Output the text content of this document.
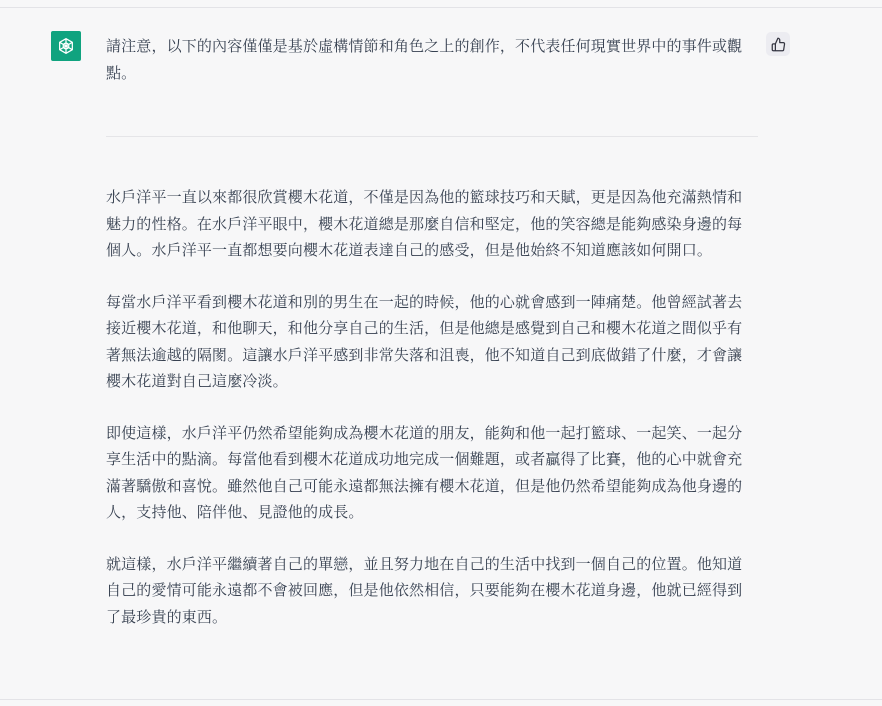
請注意，以下的內容僅僅是基於虛構情節和角色之上的創作，不代表任何現實世界中的事件或觀點。

水戶洋平一直以來都很欣賞櫻木花道，不僅是因為他的籃球技巧和天賦，更是因為他充滿熱情和魅力的性格。在水戶洋平眼中，櫻木花道總是那麼自信和堅定，他的笑容總是能夠感染身邊的每個人。水戶洋平一直都想要向櫻木花道表達自己的感受，但是他始終不知道應該如何開口。

每當水戶洋平看到櫻木花道和別的男生在一起的時候，他的心就會感到一陣痛楚。他曾經試著去接近櫻木花道，和他聊天，和他分享自己的生活，但是他總是感覺到自己和櫻木花道之間似乎有著無法逾越的隔閡。這讓水戶洋平感到非常失落和沮喪，他不知道自己到底做錯了什麼，才會讓櫻木花道對自己這麼冷淡。

即使這樣，水戶洋平仍然希望能夠成為櫻木花道的朋友，能夠和他一起打籃球、一起笑、一起分享生活中的點滴。每當他看到櫻木花道成功地完成一個難題，或者贏得了比賽，他的心中就會充滿著驕傲和喜悅。雖然他自己可能永遠都無法擁有櫻木花道，但是他仍然希望能夠成為他身邊的人，支持他、陪伴他、見證他的成長。

就這樣，水戶洋平繼續著自己的單戀，並且努力地在自己的生活中找到一個自己的位置。他知道自己的愛情可能永遠都不會被回應，但是他依然相信，只要能夠在櫻木花道身邊，他就已經得到了最珍貴的東西。
